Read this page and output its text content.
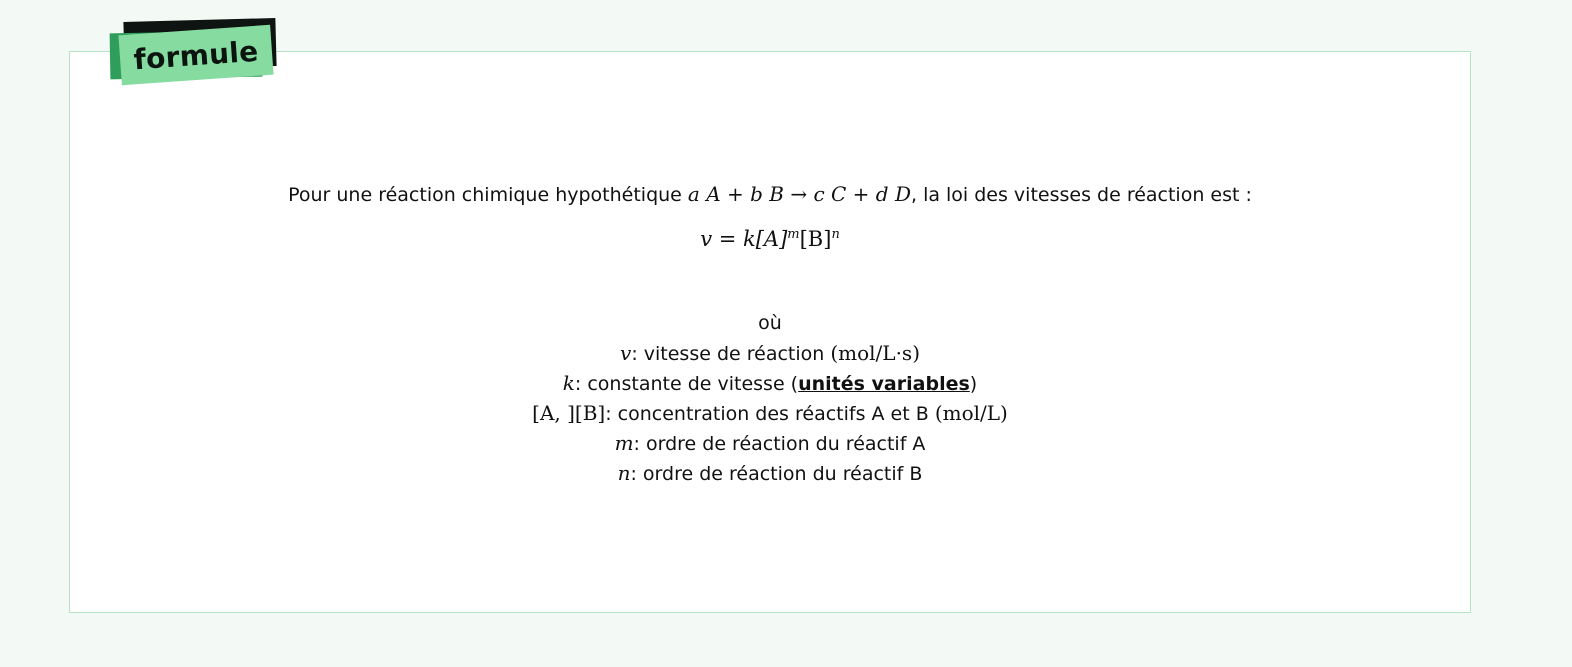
formule
Pour une réaction chimique hypothétique a A + b B → c C + d D, la loi des vitesses de réaction est :
$v = k[A]^m[B]^n$
où
v: vitesse de réaction (mol/L·s)
k: constante de vitesse (unités variables)
[A, ][B]: concentration des réactifs A et B (mol/L)
m: ordre de réaction du réactif A
n: ordre de réaction du réactif B
